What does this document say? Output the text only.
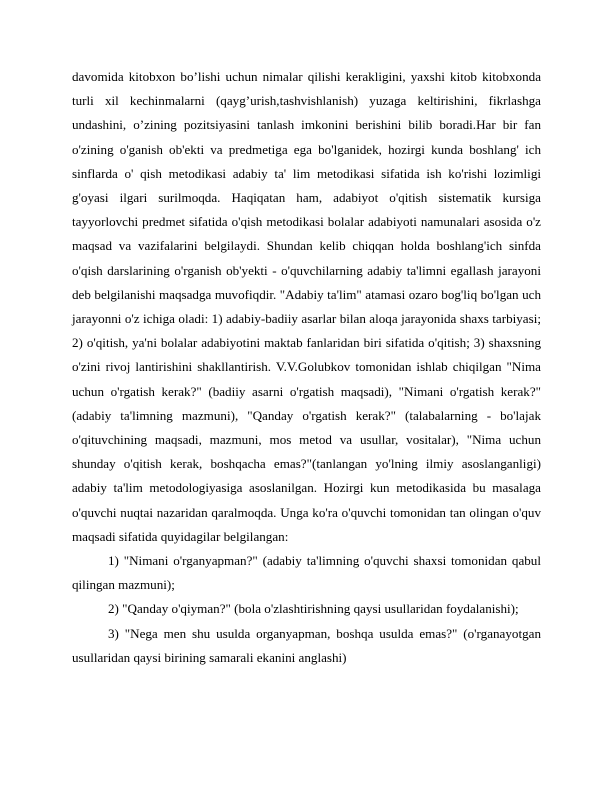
davomida kitobxon bo’lishi uchun nimalar qilishi kerakligini, yaxshi kitob kitobxonda turli xil kechinmalarni (qayg’urish,tashvishlanish) yuzaga keltirishini, fikrlashga undashini, o’zining pozitsiyasini tanlash imkonini berishini bilib boradi.Har bir fan o'zining o'ganish ob'ekti va predmetiga ega bo'lganidek, hozirgi kunda boshlang' ich sinflarda o' qish metodikasi adabiy ta' lim metodikasi sifatida ish ko'rishi lozimligi g'oyasi ilgari surilmoqda. Haqiqatan ham, adabiyot o'qitish sistematik kursiga tayyorlovchi predmet sifatida o'qish metodikasi bolalar adabiyoti namunalari asosida o'z maqsad va vazifalarini belgilaydi. Shundan kelib chiqqan holda boshlang'ich sinfda o'qish darslarining o'rganish ob'yekti - o'quvchilarning adabiy ta'limni egallash jarayoni deb belgilanishi maqsadga muvofiqdir. "Adabiy ta'lim" atamasi ozaro bog'liq bo'lgan uch jarayonni o'z ichiga oladi: 1) adabiy-badiiy asarlar bilan aloqa jarayonida shaxs tarbiyasi; 2) o'qitish, ya'ni bolalar adabiyotini maktab fanlaridan biri sifatida o'qitish; 3) shaxsning o'zini rivoj lantirishini shakllantirish. V.V.Golubkov tomonidan ishlab chiqilgan "Nima uchun o'rgatish kerak?" (badiiy asarni o'rgatish maqsadi), "Nimani o'rgatish kerak?" (adabiy ta'limning mazmuni), "Qanday o'rgatish kerak?" (talabalarning - bo'lajak o'qituvchining maqsadi, mazmuni, mos metod va usullar, vositalar), "Nima uchun shunday o'qitish kerak, boshqacha emas?"(tanlangan yo'lning ilmiy asoslanganligi) adabiy ta'lim metodologiyasiga asoslanilgan. Hozirgi kun metodikasida bu masalaga o'quvchi nuqtai nazaridan qaralmoqda. Unga ko'ra o'quvchi tomonidan tan olingan o'quv maqsadi sifatida quyidagilar belgilangan:

1) "Nimani o'rganyapman?" (adabiy ta'limning o'quvchi shaxsi tomonidan qabul qilingan mazmuni);

2) "Qanday o'qiyman?" (bola o'zlashtirishning qaysi usullaridan foydalanishi);

3) "Nega men shu usulda organyapman, boshqa usulda emas?" (o'rganayotgan usullaridan qaysi birining samarali ekanini anglashi)
